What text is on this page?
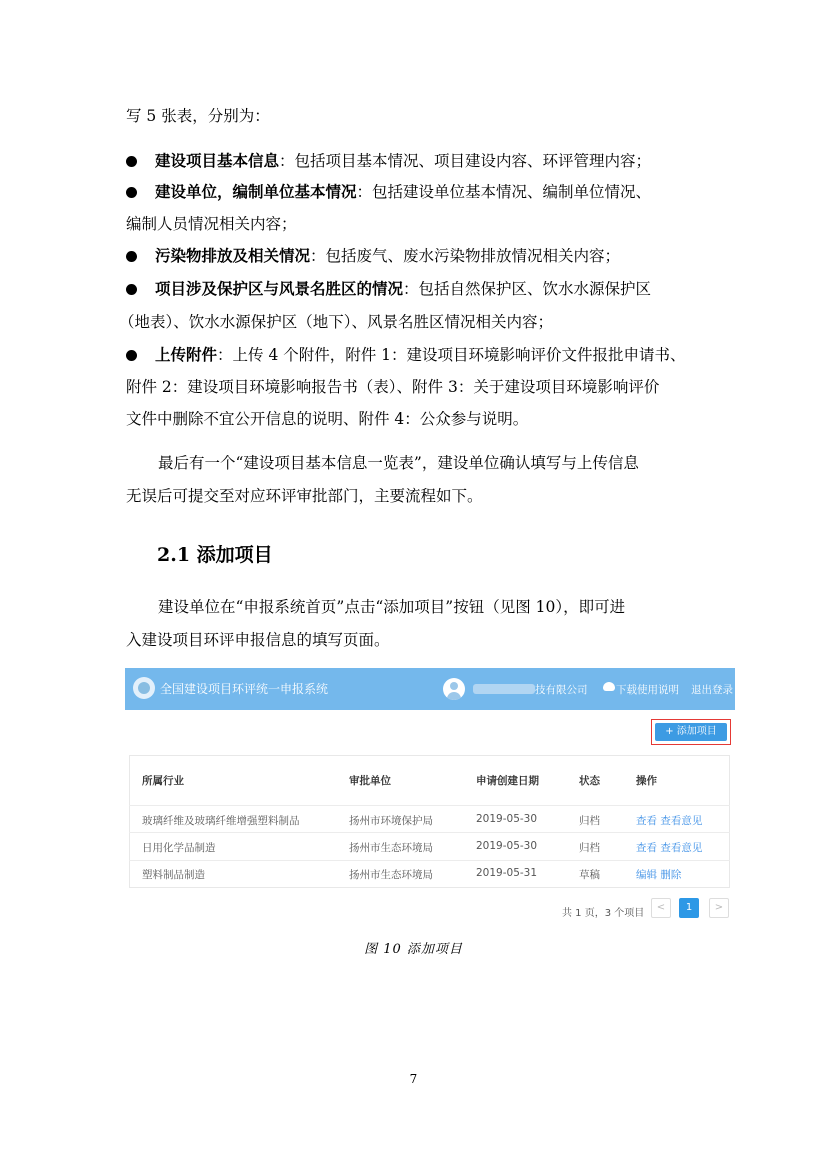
写 5 张表，分别为：
建设项目基本信息：包括项目基本情况、项目建设内容、环评管理内容；
建设单位，编制单位基本情况：包括建设单位基本情况、编制单位情况、
编制人员情况相关内容；
污染物排放及相关情况：包括废气、废水污染物排放情况相关内容；
项目涉及保护区与风景名胜区的情况：包括自然保护区、饮水水源保护区
（地表）、饮水水源保护区（地下）、风景名胜区情况相关内容；
上传附件：上传 4 个附件，附件 1：建设项目环境影响评价文件报批申请书、
附件 2：建设项目环境影响报告书（表）、附件 3：关于建设项目环境影响评价
文件中删除不宜公开信息的说明、附件 4：公众参与说明。
最后有一个“建设项目基本信息一览表”，建设单位确认填写与上传信息
无误后可提交至对应环评审批部门，主要流程如下。
2.1 添加项目
建设单位在“申报系统首页”点击“添加项目”按钮（见图 10），即可进
入建设项目环评申报信息的填写页面。
全国建设项目环评统一申报系统	技有限公司	下载使用说明 退出登录
+ 添加项目
所属行业	审批单位	申请创建日期	状态	操作
玻璃纤维及玻璃纤维增强塑料制品	扬州市环境保护局	2019-05-30	归档	查看 查看意见
日用化学品制造	扬州市生态环境局	2019-05-30	归档	查看 查看意见
塑料制品制造	扬州市生态环境局	2019-05-31	草稿	编辑 删除
共 1 页，3 个项目
<	1	>
图 10 添加项目
7
